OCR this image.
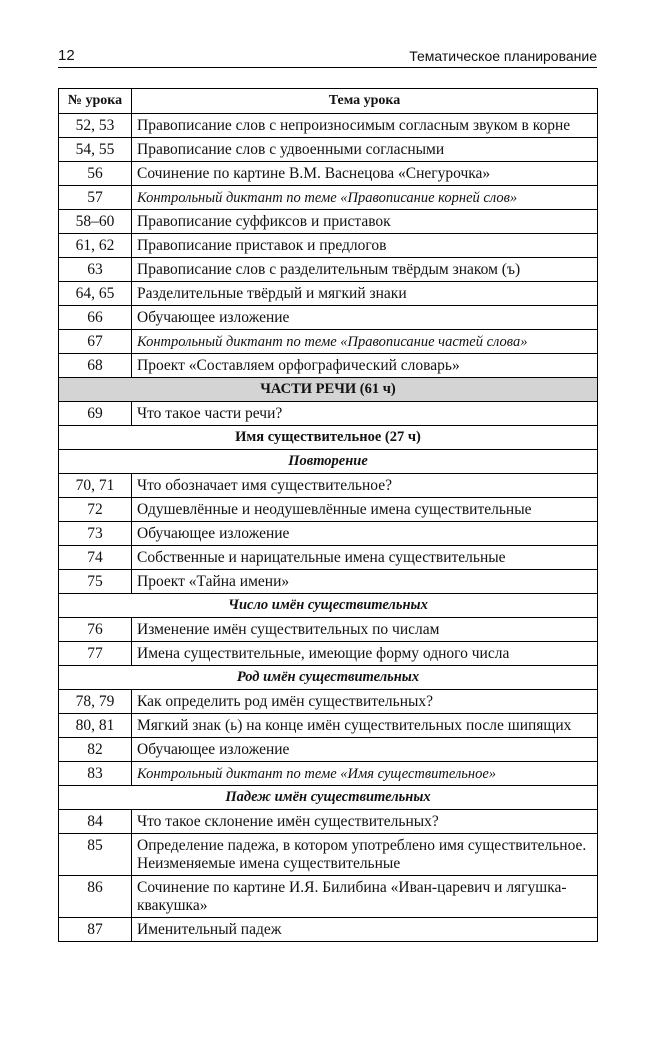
12	Тематическое планирование
№ урока	Тема урока
52, 53	Правописание слов с непроизносимым согласным звуком в корне
54, 55	Правописание слов с удвоенными согласными
56	Сочинение по картине В.М. Васнецова «Снегурочка»
57	Контрольный диктант по теме «Правописание корней слов»
58–60	Правописание суффиксов и приставок
61, 62	Правописание приставок и предлогов
63	Правописание слов с разделительным твёрдым знаком (ъ)
64, 65	Разделительные твёрдый и мягкий знаки
66	Обучающее изложение
67	Контрольный диктант по теме «Правописание частей слова»
68	Проект «Составляем орфографический словарь»
ЧАСТИ РЕЧИ (61 ч)	
69	Что такое части речи?
Имя существительное (27 ч)	
Повторение	
70, 71	Что обозначает имя существительное?
72	Одушевлённые и неодушевлённые имена существительные
73	Обучающее изложение
74	Собственные и нарицательные имена существительные
75	Проект «Тайна имени»
Число имён существительных	
76	Изменение имён существительных по числам
77	Имена существительные, имеющие форму одного числа
Род имён существительных	
78, 79	Как определить род имён существительных?
80, 81	Мягкий знак (ь) на конце имён существительных после шипящих
82	Обучающее изложение
83	Контрольный диктант по теме «Имя существительное»
Падеж имён существительных	
84	Что такое склонение имён существительных?
85	Определение падежа, в котором употреблено имя существительное. Неизменяемые имена существительные
86	Сочинение по картине И.Я. Билибина «Иван-царевич и лягушка-квакушка»
87	Именительный падеж
